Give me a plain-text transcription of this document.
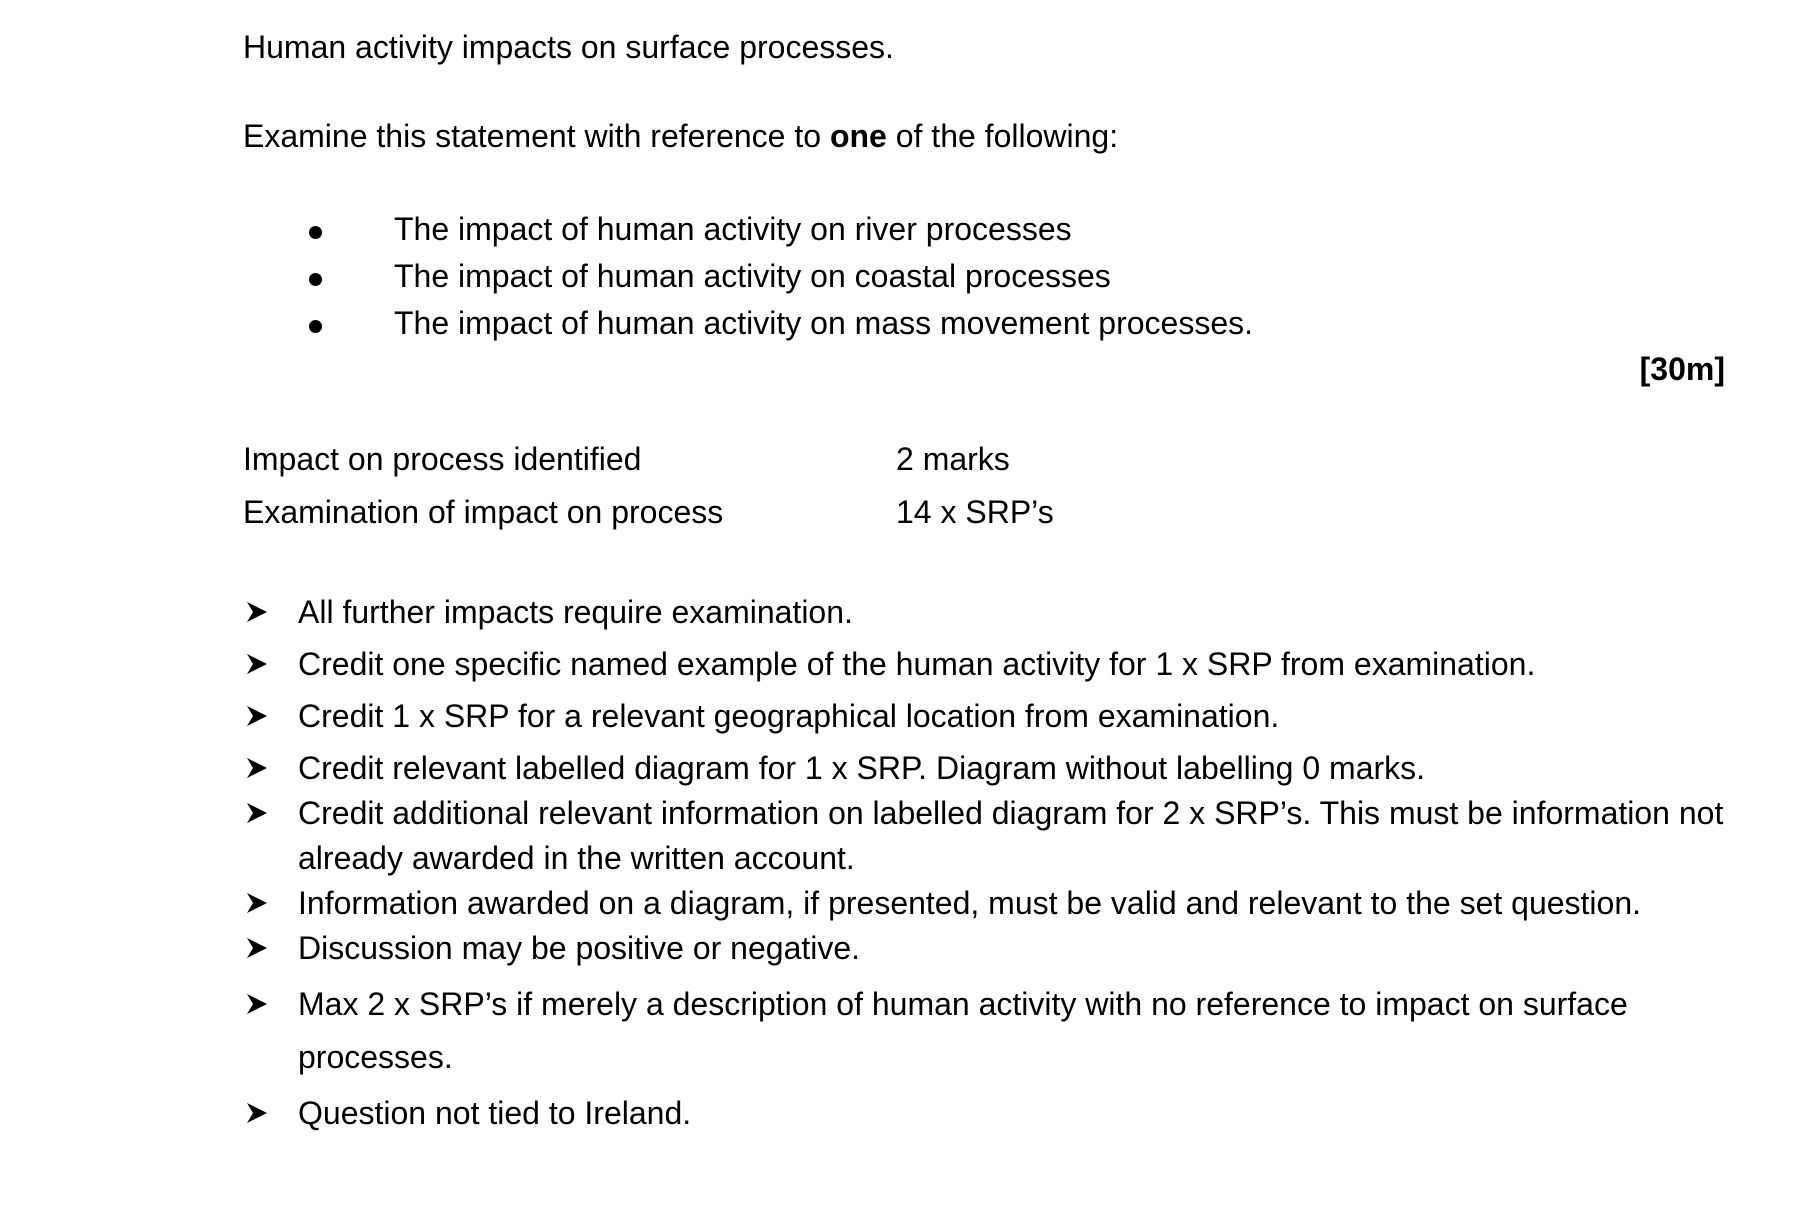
Human activity impacts on surface processes.
Examine this statement with reference to one of the following:
The impact of human activity on river processes
The impact of human activity on coastal processes
The impact of human activity on mass movement processes.
[30m]
Impact on process identified	2 marks
Examination of impact on process	14 x SRP’s
All further impacts require examination.
Credit one specific named example of the human activity for 1 x SRP from examination.
Credit 1 x SRP for a relevant geographical location from examination.
Credit relevant labelled diagram for 1 x SRP. Diagram without labelling 0 marks.
Credit additional relevant information on labelled diagram for 2 x SRP’s. This must be information not already awarded in the written account.
Information awarded on a diagram, if presented, must be valid and relevant to the set question.
Discussion may be positive or negative.
Max 2 x SRP’s if merely a description of human activity with no reference to impact on surface processes.
Question not tied to Ireland.
